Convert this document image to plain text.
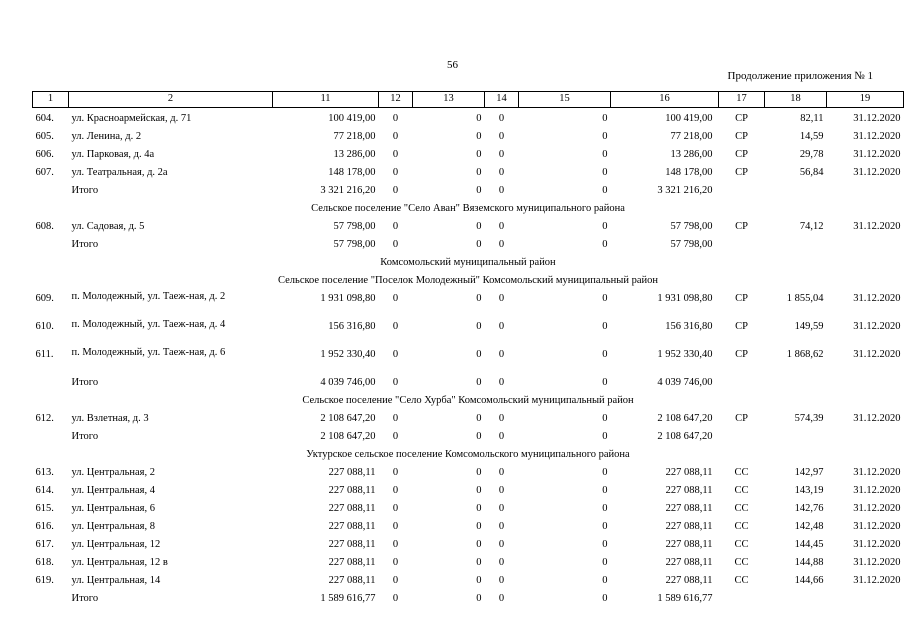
56
Продолжение приложения № 1
1	2	11	12	13	14	15	16	17	18	19

604.	ул. Красноармейская, д. 71	100 419,00	0	0	0	0	100 419,00	СР	82,11	31.12.2020
605.	ул. Ленина, д. 2	77 218,00	0	0	0	0	77 218,00	СР	14,59	31.12.2020
606.	ул. Парковая, д. 4а	13 286,00	0	0	0	0	13 286,00	СР	29,78	31.12.2020
607.	ул. Театральная, д. 2а	148 178,00	0	0	0	0	148 178,00	СР	56,84	31.12.2020
	Итого	3 321 216,20	0	0	0	0	3 321 216,20			
Сельское поселение "Село Аван" Вяземского муниципального района										
608.	ул. Садовая, д. 5	57 798,00	0	0	0	0	57 798,00	СР	74,12	31.12.2020
	Итого	57 798,00	0	0	0	0	57 798,00			
Комсомольский муниципальный район										
Сельское поселение "Поселок Молодежный" Комсомольский муниципальный район										
609.	п. Молодежный, ул. Таеж-ная, д. 2	1 931 098,80	0	0	0	0	1 931 098,80	СР	1 855,04	31.12.2020
610.	п. Молодежный, ул. Таеж-ная, д. 4	156 316,80	0	0	0	0	156 316,80	СР	149,59	31.12.2020
611.	п. Молодежный, ул. Таеж-ная, д. 6	1 952 330,40	0	0	0	0	1 952 330,40	СР	1 868,62	31.12.2020
	Итого	4 039 746,00	0	0	0	0	4 039 746,00			
Сельское поселение "Село Хурба" Комсомольский муниципальный район										
612.	ул. Взлетная, д. 3	2 108 647,20	0	0	0	0	2 108 647,20	СР	574,39	31.12.2020
	Итого	2 108 647,20	0	0	0	0	2 108 647,20			
Уктурское сельское поселение Комсомольского муниципального района										
613.	ул. Центральная, 2	227 088,11	0	0	0	0	227 088,11	СС	142,97	31.12.2020
614.	ул. Центральная, 4	227 088,11	0	0	0	0	227 088,11	СС	143,19	31.12.2020
615.	ул. Центральная, 6	227 088,11	0	0	0	0	227 088,11	СС	142,76	31.12.2020
616.	ул. Центральная, 8	227 088,11	0	0	0	0	227 088,11	СС	142,48	31.12.2020
617.	ул. Центральная, 12	227 088,11	0	0	0	0	227 088,11	СС	144,45	31.12.2020
618.	ул. Центральная, 12 в	227 088,11	0	0	0	0	227 088,11	СС	144,88	31.12.2020
619.	ул. Центральная, 14	227 088,11	0	0	0	0	227 088,11	СС	144,66	31.12.2020
	Итого	1 589 616,77	0	0	0	0	1 589 616,77			
